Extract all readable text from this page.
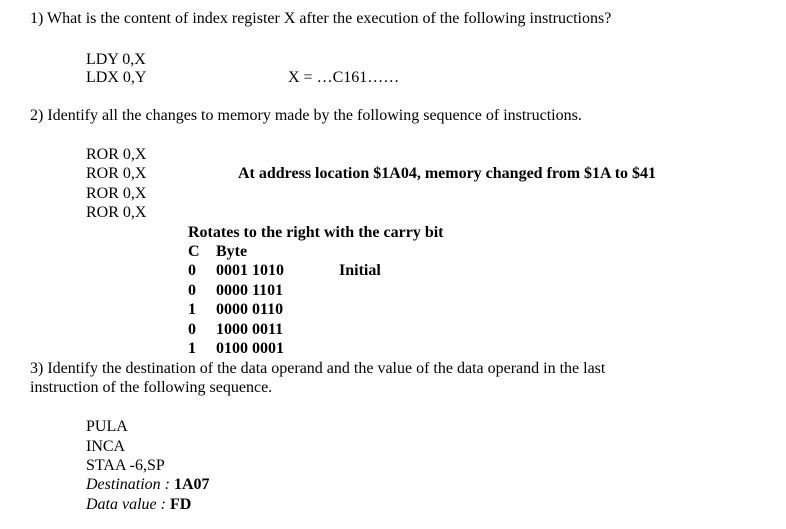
1) What is the content of index register X after the execution of the following instructions?
LDY 0,X
LDX 0,Y	X = …C161……
2) Identify all the changes to memory made by the following sequence of instructions.
ROR 0,X
ROR 0,X
ROR 0,X
ROR 0,X
At address location $1A04, memory changed from $1A to $41
Rotates to the right with the carry bit
C Byte
0 0001 1010	Initial
0 0000 1101
1 0000 0110
0 1000 0011
1 0100 0001
3) Identify the destination of the data operand and the value of the data operand in the last
instruction of the following sequence.
PULA
INCA
STAA -6,SP
Destination : 1A07
Data value : FD
